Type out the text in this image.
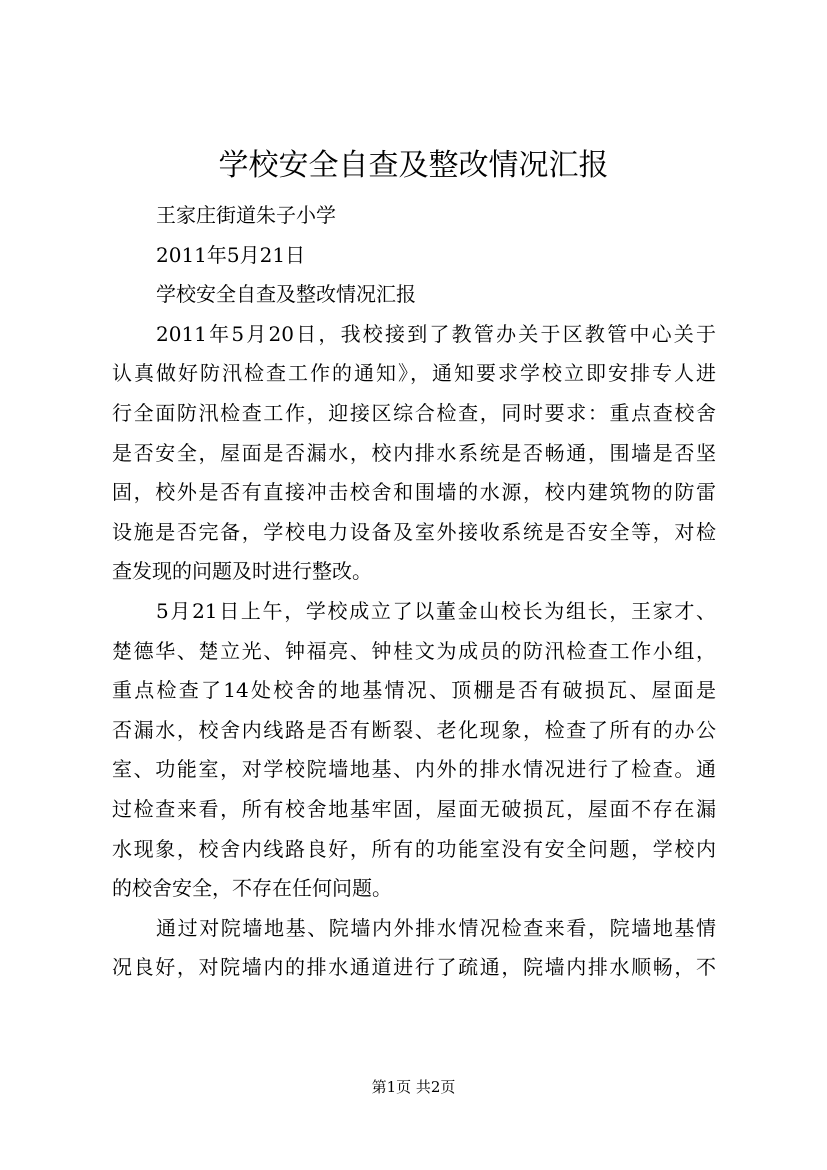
学校安全自查及整改情况汇报
王家庄街道朱子小学
2011年5月21日
学校安全自查及整改情况汇报

2011年5月20日，我校接到了教管办关于区教管中心关于
认真做好防汛检查工作的通知》，通知要求学校立即安排专人进
行全面防汛检查工作，迎接区综合检查，同时要求：重点查校舍
是否安全，屋面是否漏水，校内排水系统是否畅通，围墙是否坚
固，校外是否有直接冲击校舍和围墙的水源，校内建筑物的防雷
设施是否完备，学校电力设备及室外接收系统是否安全等，对检
查发现的问题及时进行整改。

5月21日上午，学校成立了以董金山校长为组长，王家才、
楚德华、楚立光、钟福亮、钟桂文为成员的防汛检查工作小组，
重点检查了14处校舍的地基情况、顶棚是否有破损瓦、屋面是
否漏水，校舍内线路是否有断裂、老化现象，检查了所有的办公
室、功能室，对学校院墙地基、内外的排水情况进行了检查。通
过检查来看，所有校舍地基牢固，屋面无破损瓦，屋面不存在漏
水现象，校舍内线路良好，所有的功能室没有安全问题，学校内
的校舍安全，不存在任何问题。

通过对院墙地基、院墙内外排水情况检查来看，院墙地基情
况良好，对院墙内的排水通道进行了疏通，院墙内排水顺畅，不

第1页 共2页
